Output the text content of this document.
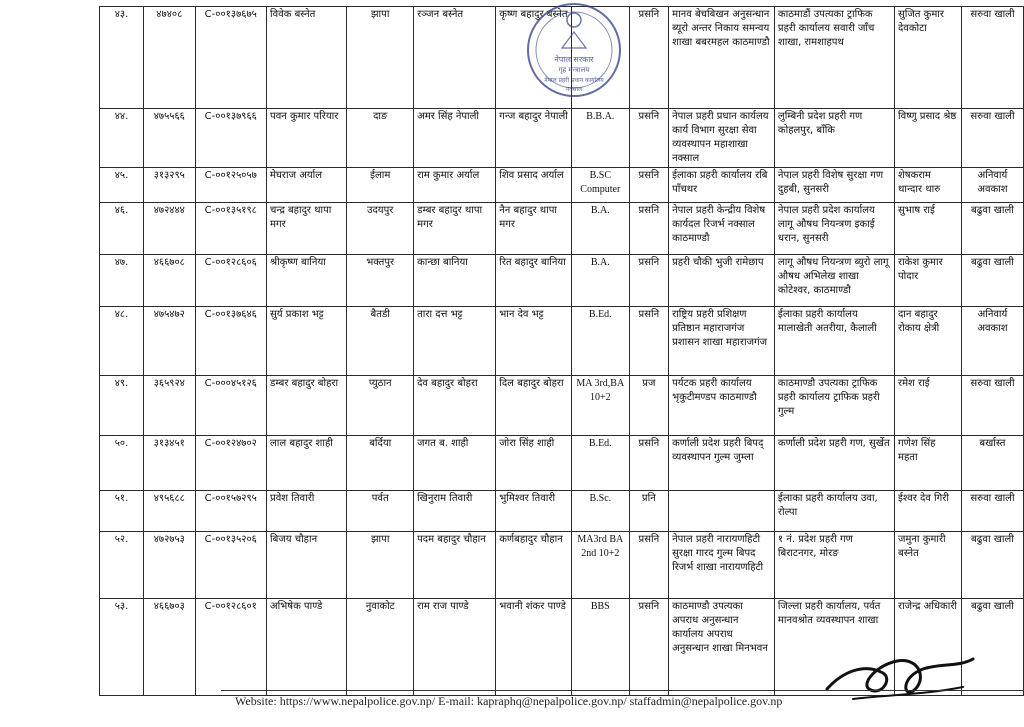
४३.	४७४०८	C-००१३७६७५	विवेक बस्नेत	झापा	रञ्जन बस्नेत	कृष्ण बहादुर बस्नेत		प्रसनि	मानव बेचबिखन अनुसन्धान ब्यूरो अन्तर निकाय समन्वय शाखा बबरमहल काठमाण्डौ	काठमाडौं उपत्यका ट्राफिक प्रहरी कार्यालय सवारी जाँच शाखा, रामशाहपथ	सुजित कुमार देवकोटा	सरुवा खाली
४४.	४७५५६६	C-००१३७९६६	पवन कुमार परियार	दाङ	अमर सिंह नेपाली	गन्ज बहादुर नेपाली	B.B.A.	प्रसनि	नेपाल प्रहरी प्रधान कार्यलय कार्य विभाग सुरक्षा सेवा व्यवस्थापन महाशाखा नक्साल	लुम्बिनी प्रदेश प्रहरी गण कोहलपुर, बाँकि	विष्णु प्रसाद श्रेष्ठ	सरुवा खाली
४५.	३१३२९५	C-००१२५०५७	मेघराज अर्याल	ईलाम	राम कुमार अर्याल	शिव प्रसाद अर्याल	B.SC Computer	प्रसनि	ईलाका प्रहरी कार्यालय रबि पाँचथर	नेपाल प्रहरी विशेष सुरक्षा गण दुहबी, सुनसरी	शेषकराम थान्दार थारु	अनिवार्य अवकाश
४६.	४७२४४४	C-००१३५१९८	चन्द्र बहादुर थापा मगर	उदयपुर	डम्बर बहादुर थापा मगर	नैन बहादुर थापा मगर	B.A.	प्रसनि	नेपाल प्रहरी केन्द्रीय विशेष कार्यदल रिजर्भ नक्साल काठमाण्डौ	नेपाल प्रहरी प्रदेश कार्यालय लागू औषध नियन्त्रण इकाई धरान, सुनसरी	सुभाष राई	बढुवा खाली
४७.	४६६७०८	C-००१२८६०६	श्रीकृष्ण बानिया	भक्तपुर	कान्छा बानिया	रित बहादुर बानिया	B.A.	प्रसनि	प्रहरी चौकी भुजी रामेछाप	लागू औषध नियन्त्रण ब्युरो लागू औषध अभिलेख शाखा कोटेश्वर, काठमाण्डौ	राकेश कुमार पोदार	बढुवा खाली
४८.	४७५४७२	C-००१३७६४६	सुर्य प्रकाश भट्ट	बैतडी	तारा दत्त भट्ट	भान देव भट्ट	B.Ed.	प्रसनि	राष्ट्रिय प्रहरी प्रशिक्षण प्रतिष्ठान महाराजगंज प्रशासन शाखा महाराजगंज	ईलाका प्रहरी कार्यालय मालाखेती अतरीया, कैलाली	दान बहादुर रोकाय क्षेत्री	अनिवार्य अवकाश
४९.	३६५९२४	C-०००४५१२६	डम्बर बहादुर बोहरा	प्युठान	देव बहादुर बोहरा	दिल बहादुर बोहरा	MA 3rd,BA 10+2	प्रज	पर्यटक प्रहरी कार्यालय भृकुटीमण्डप काठमाण्डौ	काठमाण्डौ उपत्यका ट्राफिक प्रहरी कार्यालय ट्राफिक प्रहरी गुल्म	रमेश राई	सरुवा खाली
५०.	३१३४५१	C-००१२४७०२	लाल बहादुर शाही	बर्दिया	जगत ब. शाही	जोरा सिंह शाही	B.Ed.	प्रसनि	कर्णाली प्रदेश प्रहरी बिपद् व्यवस्थापन गुल्म जुम्ला	कर्णाली प्रदेश प्रहरी गण, सुर्खेत	गणेश सिंह महता	बर्खास्त
५१.	४९५६८८	C-००१५७२९५	प्रवेश तिवारी	पर्वत	खिनुराम तिवारी	भुमिश्वर तिवारी	B.Sc.	प्रनि		ईलाका प्रहरी कार्यालय उवा, रोल्पा	ईश्वर देव गिरी	सरुवा खाली
५२.	४७२७५३	C-००१३५२०६	बिजय चौहान	झापा	पदम बहादुर चौहान	कर्णबहादुर चौहान	MA3rd BA 2nd 10+2	प्रसनि	नेपाल प्रहरी नारायणहिटी सुरक्षा गारद गुल्म बिपद रिजर्भ शाखा नारायणहिटी	१ नं. प्रदेश प्रहरी गण बिराटनगर, मोरङ	जमुना कुमारी बस्नेत	बढुवा खाली
५३.	४६६७०३	C-००१२८६०१	अभिषेक पाण्डे	नुवाकोट	राम राज पाण्डे	भवानी शंकर पाण्डे	BBS	प्रसनि	काठमाण्डौ उपत्यका अपराध अनुसन्धान कार्यालय अपराध अनुसन्धान शाखा मिनभवन	जिल्ला प्रहरी कार्यालय, पर्वत मानवश्रोत व्यवस्थापन शाखा	राजेन्द्र अधिकारी	बढुवा खाली
नेपाल सरकार
गृह मन्त्रालय
नेपाल प्रहरी प्रधान कार्यालय
नक्साल
Website: https://www.nepalpolice.gov.np/ E-mail: kapraphq@nepalpolice.gov.np/ staffadmin@nepalpolice.gov.np
